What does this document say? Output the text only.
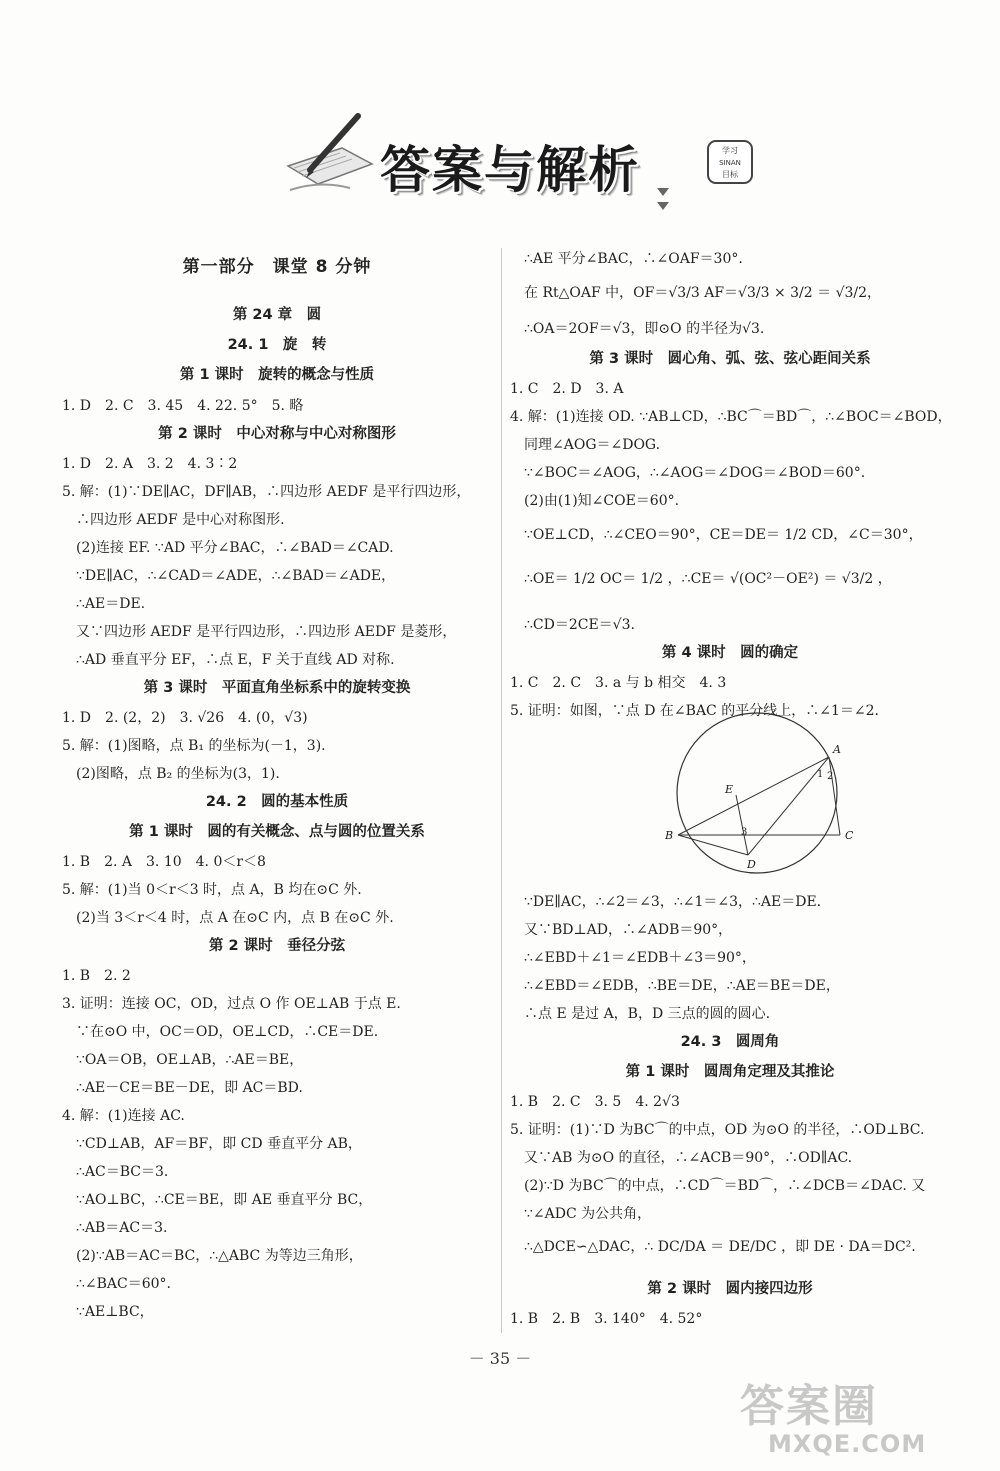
答案与解析	学习
SINAN
目标
第一部分　课堂 8 分钟
第 24 章　圆
24. 1　旋　转
第 1 课时　旋转的概念与性质
1. D　2. C　3. 45　4. 22. 5°　5. 略
第 2 课时　中心对称与中心对称图形
1. D　2. A　3. 2　4. 3∶2
5. 解：(1)∵DE∥AC，DF∥AB，∴四边形 AEDF 是平行四边形，
∴四边形 AEDF 是中心对称图形.
(2)连接 EF. ∵AD 平分∠BAC，∴∠BAD＝∠CAD.
∵DE∥AC，∴∠CAD＝∠ADE，∴∠BAD＝∠ADE，
∴AE＝DE.
又∵四边形 AEDF 是平行四边形，∴四边形 AEDF 是菱形，
∴AD 垂直平分 EF，∴点 E，F 关于直线 AD 对称.
第 3 课时　平面直角坐标系中的旋转变换
1. D　2. (2，2)　3. √26　4. (0，√3)
5. 解：(1)图略，点 B₁ 的坐标为(－1，3).
(2)图略，点 B₂ 的坐标为(3，1).
24. 2　圆的基本性质
第 1 课时　圆的有关概念、点与圆的位置关系
1. B　2. A　3. 10　4. 0＜r＜8
5. 解：(1)当 0＜r＜3 时，点 A，B 均在⊙C 外.
(2)当 3＜r＜4 时，点 A 在⊙C 内，点 B 在⊙C 外.
第 2 课时　垂径分弦
1. B　2. 2
3. 证明：连接 OC，OD，过点 O 作 OE⊥AB 于点 E.
∵在⊙O 中，OC＝OD，OE⊥CD，∴CE＝DE.
∵OA＝OB，OE⊥AB，∴AE＝BE，
∴AE－CE＝BE－DE，即 AC＝BD.
4. 解：(1)连接 AC.
∵CD⊥AB，AF＝BF，即 CD 垂直平分 AB，
∴AC＝BC＝3.
∵AO⊥BC，∴CE＝BE，即 AE 垂直平分 BC，
∴AB＝AC＝3.
(2)∵AB＝AC＝BC，∴△ABC 为等边三角形，
∴∠BAC＝60°.
∵AE⊥BC，
A
B	C
D
E
1 2
3
∴AE 平分∠BAC，∴∠OAF＝30°.
在 Rt△OAF 中，OF＝√3/3 AF＝√3/3 × 3/2 ＝ √3/2，
∴OA＝2OF＝√3，即⊙O 的半径为√3.
第 3 课时　圆心角、弧、弦、弦心距间关系
1. C　2. D　3. A
4. 解：(1)连接 OD. ∵AB⊥CD，∴BC⌒＝BD⌒，∴∠BOC＝∠BOD，
同理∠AOG＝∠DOG.
∵∠BOC＝∠AOG，∴∠AOG＝∠DOG＝∠BOD＝60°.
(2)由(1)知∠COE＝60°.
∵OE⊥CD，∴∠CEO＝90°，CE＝DE＝ 1/2 CD，∠C＝30°，
∴OE＝ 1/2 OC＝ 1/2 ，∴CE＝ √(OC²－OE²) ＝ √3/2 ，
∴CD＝2CE＝√3.
第 4 课时　圆的确定
1. C　2. C　3. a 与 b 相交　4. 3
5. 证明：如图，∵点 D 在∠BAC 的平分线上，∴∠1＝∠2.
∵DE∥AC，∴∠2＝∠3，∴∠1＝∠3，∴AE＝DE.
又∵BD⊥AD，∴∠ADB＝90°，
∴∠EBD＋∠1＝∠EDB＋∠3＝90°，
∴∠EBD＝∠EDB，∴BE＝DE，∴AE＝BE＝DE，
∴点 E 是过 A，B，D 三点的圆的圆心.
24. 3　圆周角
第 1 课时　圆周角定理及其推论
1. B　2. C　3. 5　4. 2√3
5. 证明：(1)∵D 为BC⌒的中点，OD 为⊙O 的半径，∴OD⊥BC.
又∵AB 为⊙O 的直径，∴∠ACB＝90°，∴OD∥AC.
(2)∵D 为BC⌒的中点，∴CD⌒＝BD⌒，∴∠DCB＝∠DAC. 又
∵∠ADC 为公共角，
∴△DCE∽△DAC，∴ DC/DA ＝ DE/DC ，即 DE · DA＝DC².
第 2 课时　圆内接四边形
1. B　2. B　3. 140°　4. 52°
－ 35 －
答案圈
MXQE.COM
